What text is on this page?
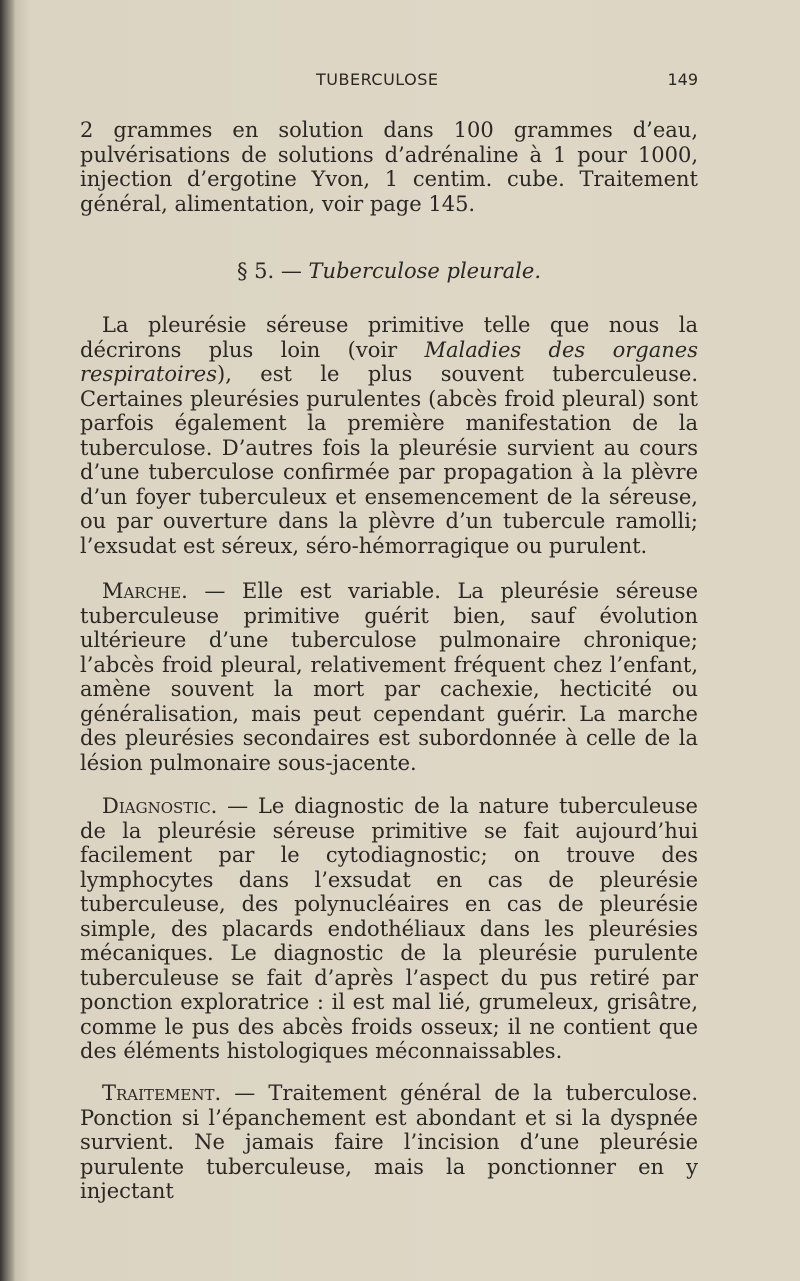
TUBERCULOSE	149

2 grammes en solution dans 100 grammes d’eau, pulvérisations de solutions d’adrénaline à 1 pour 1000, injection d’ergotine Yvon, 1 centim. cube. Traitement général, alimentation, voir page 145.

§ 5. — Tuberculose pleurale.

La pleurésie séreuse primitive telle que nous la décrirons plus loin (voir Maladies des organes respiratoires), est le plus souvent tuberculeuse. Certaines pleurésies purulentes (abcès froid pleural) sont parfois également la première manifestation de la tuberculose. D’autres fois la pleurésie survient au cours d’une tuberculose confirmée par propagation à la plèvre d’un foyer tuberculeux et ensemencement de la séreuse, ou par ouverture dans la plèvre d’un tubercule ramolli; l’exsudat est séreux, séro-hémorragique ou purulent.

Marche. — Elle est variable. La pleurésie séreuse tuberculeuse primitive guérit bien, sauf évolution ultérieure d’une tuberculose pulmonaire chronique; l’abcès froid pleural, relativement fréquent chez l’enfant, amène souvent la mort par cachexie, hecticité ou généralisation, mais peut cependant guérir. La marche des pleurésies secondaires est subordonnée à celle de la lésion pulmonaire sous-jacente.

Diagnostic. — Le diagnostic de la nature tuberculeuse de la pleurésie séreuse primitive se fait aujourd’hui facilement par le cytodiagnostic; on trouve des lymphocytes dans l’exsudat en cas de pleurésie tuberculeuse, des polynucléaires en cas de pleurésie simple, des placards endothéliaux dans les pleurésies mécaniques. Le diagnostic de la pleurésie purulente tuberculeuse se fait d’après l’aspect du pus retiré par ponction exploratrice : il est mal lié, grumeleux, grisâtre, comme le pus des abcès froids osseux; il ne contient que des éléments histologiques méconnaissables.

Traitement. — Traitement général de la tuberculose. Ponction si l’épanchement est abondant et si la dyspnée survient. Ne jamais faire l’incision d’une pleurésie purulente tuberculeuse, mais la ponctionner en y injectant
